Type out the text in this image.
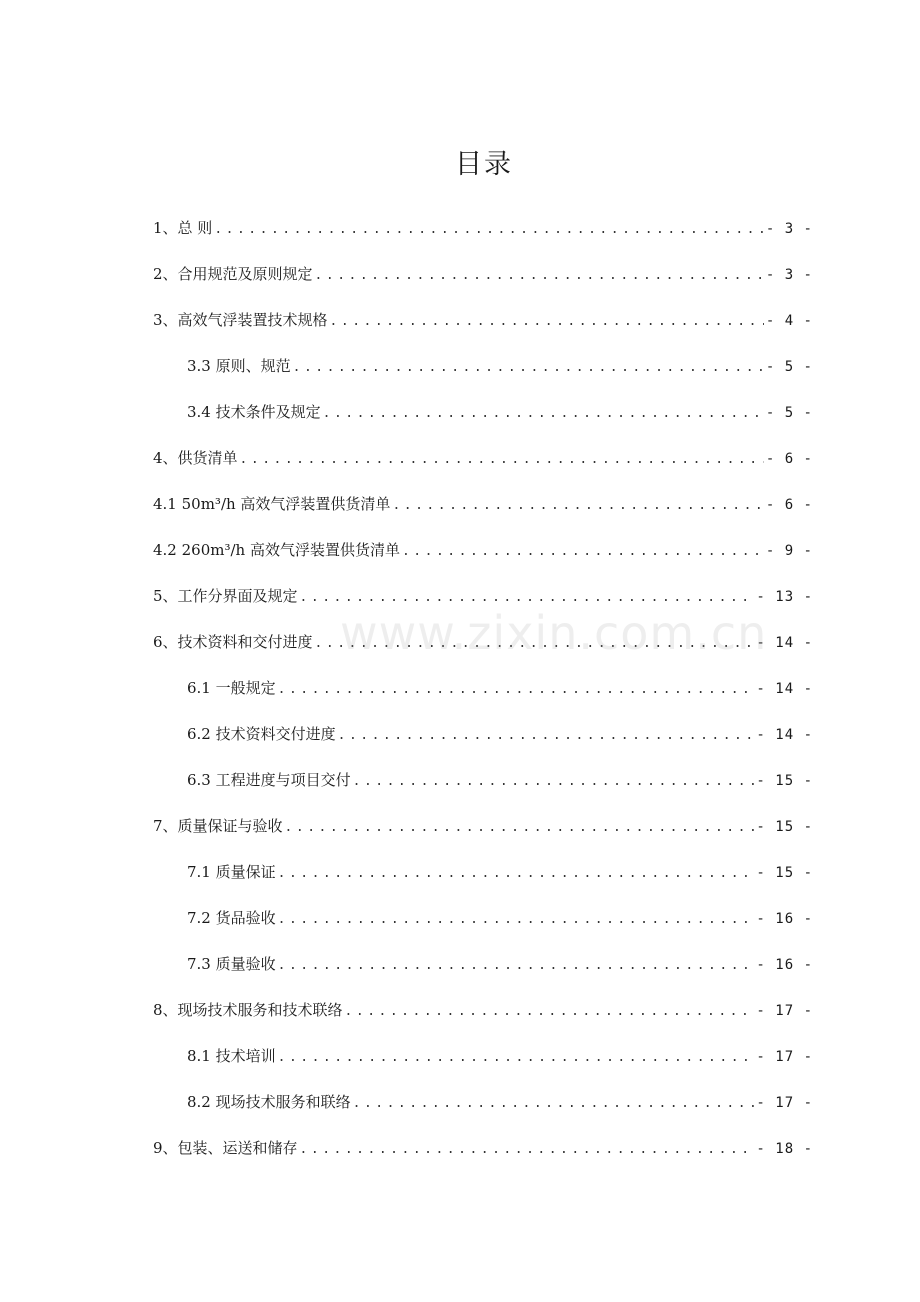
目录
1、总 则 .....	- 3 -
2、合用规范及原则规定 .....	- 3 -
3、高效气浮装置技术规格 .....	- 4 -
3.3 原则、规范 .....	- 5 -
3.4 技术条件及规定 .....	- 5 -
4、供货清单 .....	- 6 -
4.1 50m³/h 高效气浮装置供货清单 .....	- 6 -
4.2 260m³/h 高效气浮装置供货清单 .....	- 9 -
5、工作分界面及规定 .....	- 13 -
6、技术资料和交付进度 .....	- 14 -
6.1 一般规定 .....	- 14 -
6.2 技术资料交付进度 .....	- 14 -
6.3 工程进度与项目交付 .....	- 15 -
7、质量保证与验收 .....	- 15 -
7.1 质量保证 .....	- 15 -
7.2 货品验收 .....	- 16 -
7.3 质量验收 .....	- 16 -
8、现场技术服务和技术联络 .....	- 17 -
8.1 技术培训 .....	- 17 -
8.2 现场技术服务和联络 .....	- 17 -
9、包装、运送和储存 .....	- 18 -
www.zixin.com.cn
